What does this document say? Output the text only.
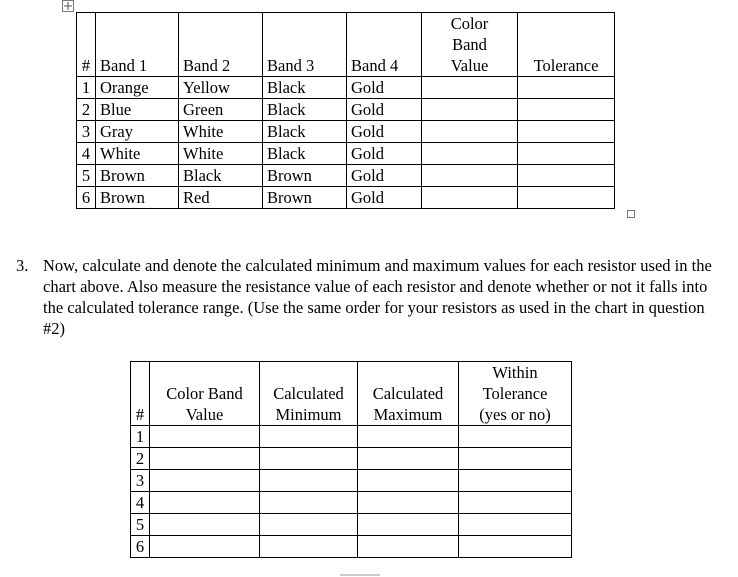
#	Band 1	Band 2	Band 3	Band 4	Color Band Value	Tolerance
1	Orange	Yellow	Black	Gold		
2	Blue	Green	Black	Gold		
3	Gray	White	Black	Gold		
4	White	White	Black	Gold		
5	Brown	Black	Brown	Gold		
6	Brown	Red	Brown	Gold		
3. Now, calculate and denote the calculated minimum and maximum values for each resistor used in the chart above. Also measure the resistance value of each resistor and denote whether or not it falls into the calculated tolerance range. (Use the same order for your resistors as used in the chart in question #2)
#	Color Band Value	Calculated Minimum	Calculated Maximum	Within Tolerance (yes or no)
1				
2				
3				
4				
5				
6				
